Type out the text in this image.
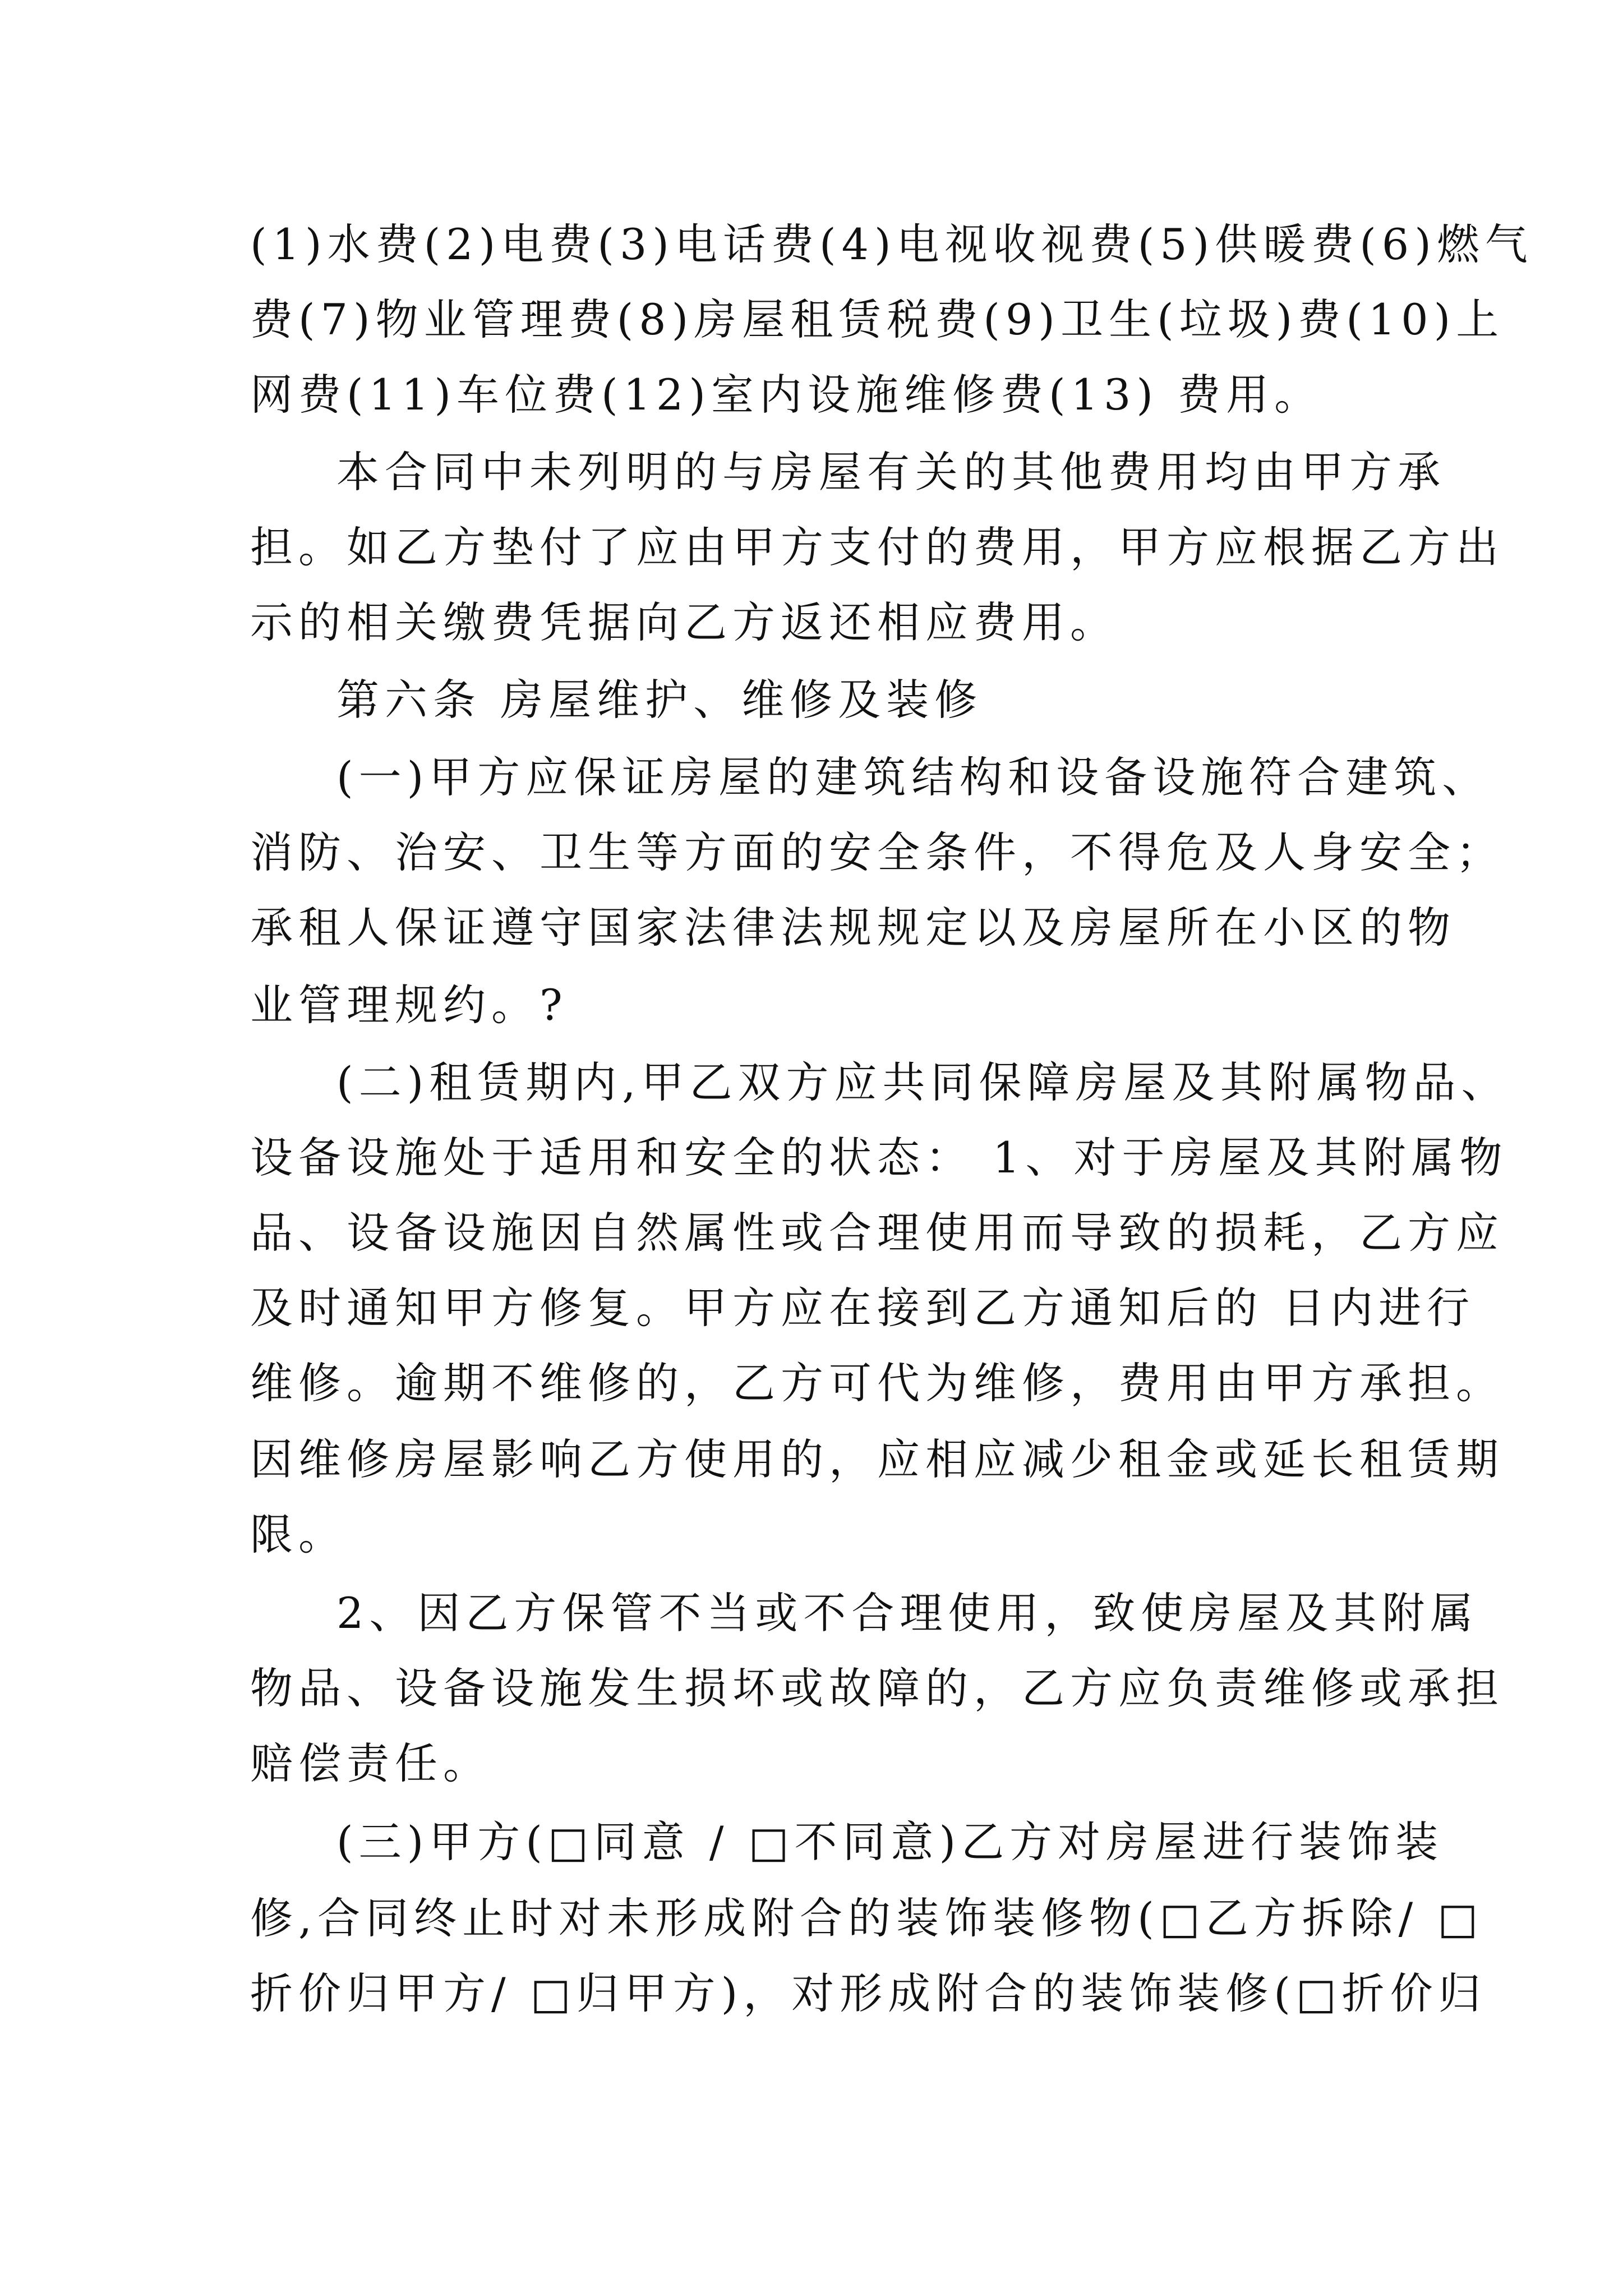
(1)水费(2)电费(3)电话费(4)电视收视费(5)供暖费(6)燃气
费(7)物业管理费(8)房屋租赁税费(9)卫生(垃圾)费(10)上
网费(11)车位费(12)室内设施维修费(13) 费用。
本合同中未列明的与房屋有关的其他费用均由甲方承
担。如乙方垫付了应由甲方支付的费用，甲方应根据乙方出
示的相关缴费凭据向乙方返还相应费用。
第六条 房屋维护、维修及装修
(一)甲方应保证房屋的建筑结构和设备设施符合建筑、
消防、治安、卫生等方面的安全条件，不得危及人身安全；
承租人保证遵守国家法律法规规定以及房屋所在小区的物
业管理规约。?
(二)租赁期内,甲乙双方应共同保障房屋及其附属物品、
设备设施处于适用和安全的状态： 1、对于房屋及其附属物
品、设备设施因自然属性或合理使用而导致的损耗，乙方应
及时通知甲方修复。甲方应在接到乙方通知后的 日内进行
维修。逾期不维修的，乙方可代为维修，费用由甲方承担。
因维修房屋影响乙方使用的，应相应减少租金或延长租赁期
限。
2、因乙方保管不当或不合理使用，致使房屋及其附属
物品、设备设施发生损坏或故障的，乙方应负责维修或承担
赔偿责任。
(三)甲方(□同意 / □不同意)乙方对房屋进行装饰装
修,合同终止时对未形成附合的装饰装修物(□乙方拆除/ □
折价归甲方/ □归甲方)，对形成附合的装饰装修(□折价归
